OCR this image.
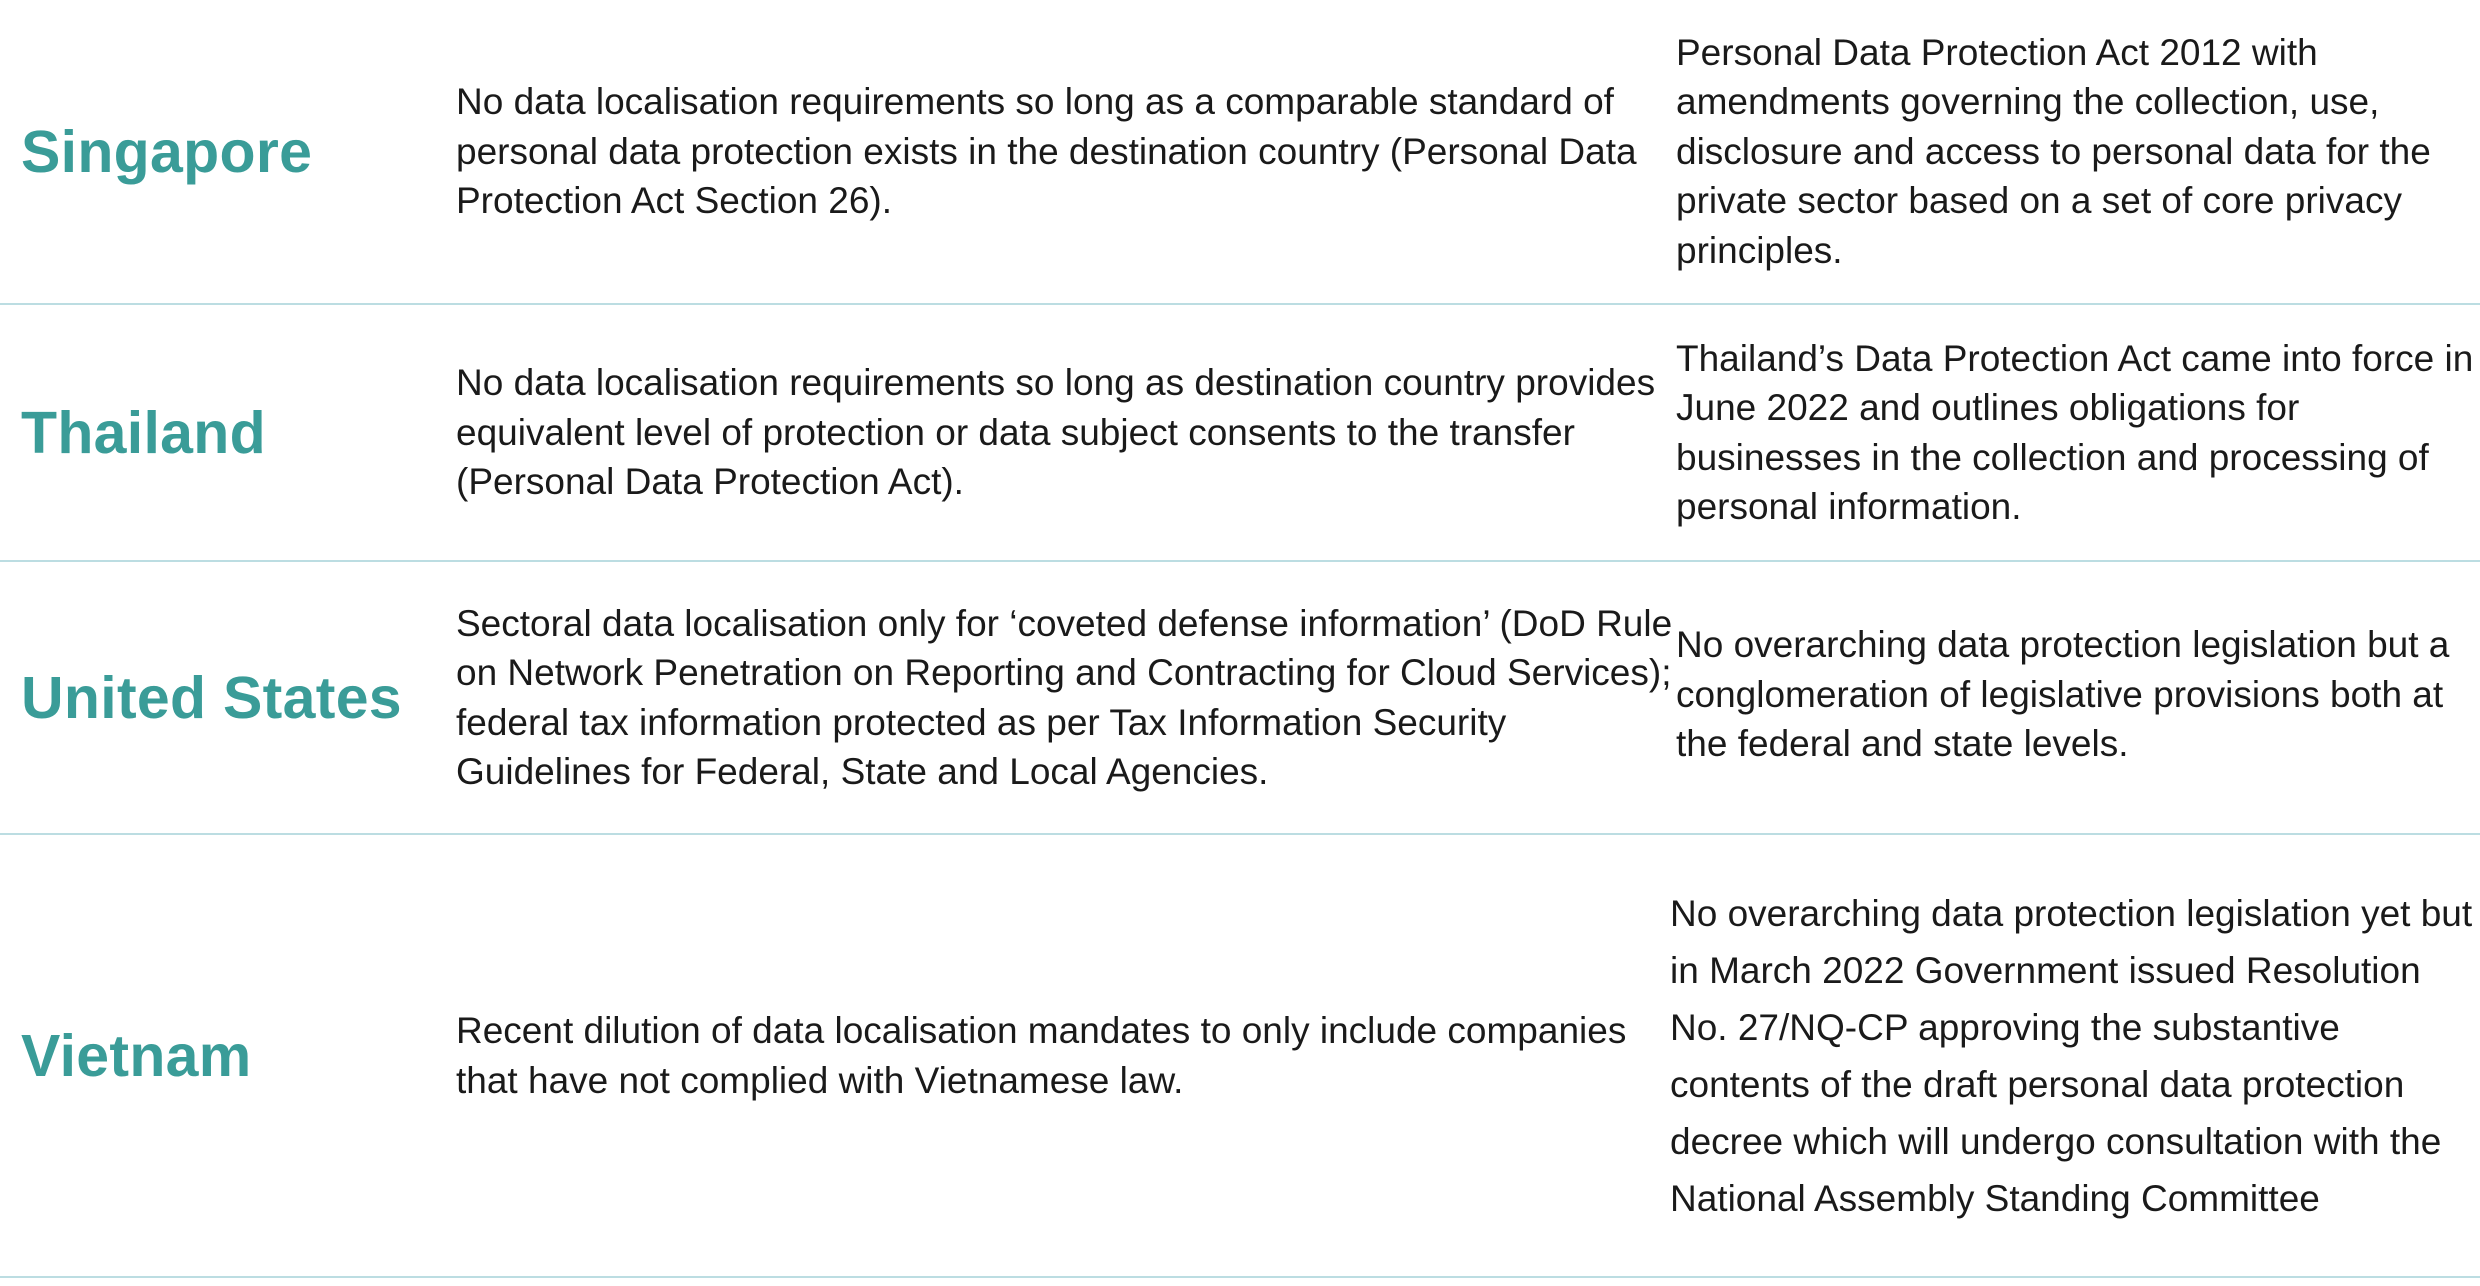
Singapore
No data localisation requirements so long as a comparable standard of personal data protection exists in the destination country (Personal Data Protection Act Section 26).
Personal Data Protection Act 2012 with amendments governing the collection, use, disclosure and access to personal data for the private sector based on a set of core privacy principles.
Thailand
No data localisation requirements so long as destination country provides equivalent level of protection or data subject consents to the transfer (Personal Data Protection Act).
Thailand’s Data Protection Act came into force in June 2022 and outlines obligations for businesses in the collection and processing of personal information.
United States
Sectoral data localisation only for ‘coveted defense information’ (DoD Rule on Network Penetration on Reporting and Contracting for Cloud Services); federal tax information protected as per Tax Information Security Guidelines for Federal, State and Local Agencies.
No overarching data protection legislation but a conglomeration of legislative provisions both at the federal and state levels.
Vietnam	Recent dilution of data localisation mandates to only include companies that have not complied with Vietnamese law.
No overarching data protection legislation yet but in March 2022 Government issued Resolution No. 27/NQ-CP approving the substantive contents of the draft personal data protection decree which will undergo consultation with the National Assembly Standing Committee
